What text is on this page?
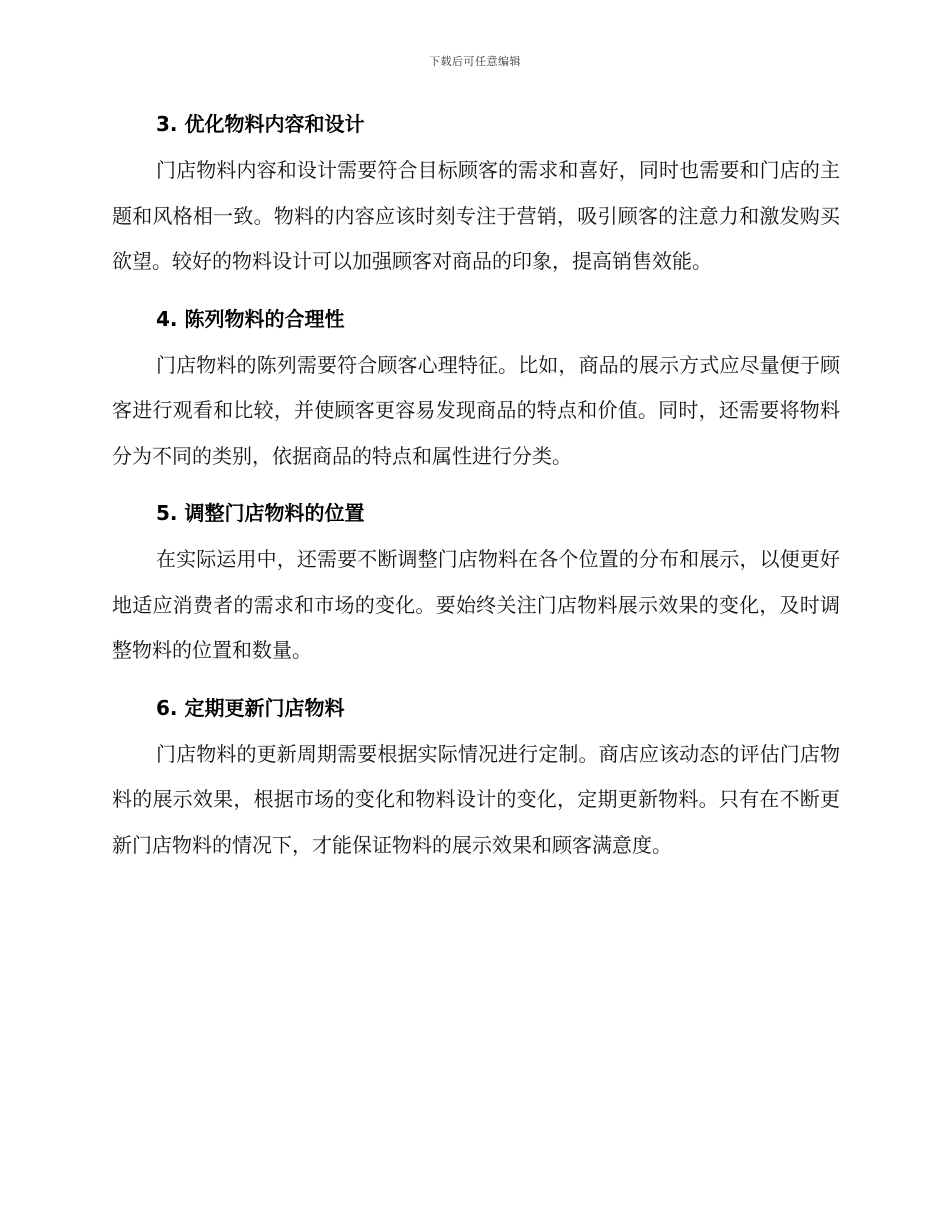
下载后可任意编辑
3. 优化物料内容和设计

门店物料内容和设计需要符合目标顾客的需求和喜好，同时也需要和门店的主题和风格相一致。物料的内容应该时刻专注于营销，吸引顾客的注意力和激发购买欲望。较好的物料设计可以加强顾客对商品的印象，提高销售效能。

4. 陈列物料的合理性

门店物料的陈列需要符合顾客心理特征。比如，商品的展示方式应尽量便于顾客进行观看和比较，并使顾客更容易发现商品的特点和价值。同时，还需要将物料分为不同的类别，依据商品的特点和属性进行分类。

5. 调整门店物料的位置

在实际运用中，还需要不断调整门店物料在各个位置的分布和展示，以便更好地适应消费者的需求和市场的变化。要始终关注门店物料展示效果的变化，及时调整物料的位置和数量。

6. 定期更新门店物料

门店物料的更新周期需要根据实际情况进行定制。商店应该动态的评估门店物料的展示效果，根据市场的变化和物料设计的变化，定期更新物料。只有在不断更新门店物料的情况下，才能保证物料的展示效果和顾客满意度。
